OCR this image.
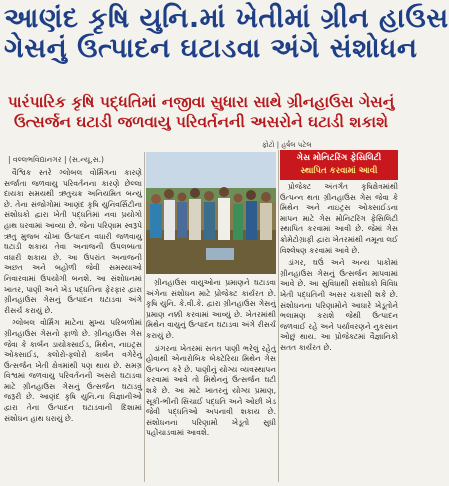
આણંદ કૃષિ યુનિ.માં ખેતીમાં ગ્રીન હાઉસ
ગેસનું ઉત્પાદન ઘટાડવા અંગે સંશોધન
પારંપારિક કૃષિ પદ્ધતિમાં નજીવા સુધારા સાથે ગ્રીનહાઉસ ગેસનું
ઉત્સર્જન ઘટાડી જળવાયુ પરિવર્તનની અસરોને ઘટાડી શકાશે
ફોટો | હર્ષલ પટેલ
| વલ્લભવિદ્યાનગર | (સ.ન્યૂ.સ.)

વૈશ્વિક સ્તરે ગ્લોબલ વોર્મિંગના કારણે સર્જાતા જળવાયુ પરિવર્તનના કારણે છેલ્લા દાયકા સમયથી ઋતુચક્ર અનિયમિત બન્યું છે. તેના સંજોગોમાં આણંદ કૃષિ યુનિવર્સિટીના સંશોધકો દ્વારા ખેતી પદ્ધતિમાં નવા પ્રયોગો હાથ ધરવામાં આવ્યા છે. જેના પરિણામ સ્વરૂપે ઋતુ મુજબ ચોખા ઉત્પાદન વધારી જળવાયુ ઘટાડી શકાય તેવા અનાજની ઉપલબ્ધતા વધારી શકાય છે. આ ઉપરાંત અનાજની અછત અને બહોળી જેવી સમસ્યાઓ નિવારવામાં ઉપયોગી બનશે. આ સંશોધનમાં ખાતર, પાણી અને ખેડ પદ્ધતિના ફેરફાર દ્વારા ગ્રીનહાઉસ ગેસનું ઉત્પાદન ઘટાડવા અંગે રીસર્ચ કરાયું છે.

ગ્લોબલ વોર્મિંગ માટેના મુખ્ય પરિબળોમાં ગ્રીનહાઉસ ગેસનો ફાળો છે. ગ્રીનહાઉસ ગેસ જેવા કે કાર્બન ડાયોક્સાઈડ, મિથેન, નાઇટ્રસ ઓક્સાઈડ, ક્લોરો-ફ્લોરો કાર્બન વગેરેનું ઉત્સર્જન ખેતી ક્ષેત્રમાંથી પણ થાય છે. સમગ્ર વિશ્વમાં જળવાયુ પરિવર્તનની અસરો ઘટાડવા માટે ગ્રીનહાઉસ ગેસનું ઉત્સર્જન ઘટાડવું જરૂરી છે. આણંદ કૃષિ યુનિ.ના વિજ્ઞાનીઓ દ્વારા તેના ઉત્પાદન ઘટાડવાની દિશામાં સંશોધન હાથ ધરાયું છે.

ગ્રીનહાઉસ વાયુઓના પ્રમાણને ઘટાડવા અંગેના સંશોધન માટે પ્રોજેક્ટ કાર્યરત છે. કૃષિ યુનિ. કે.વી.કે. દ્વારા ગ્રીનહાઉસ ગેસનું પ્રમાણ નક્કી કરવામાં આવ્યું છે. ખેતરમાંથી મિથેન વાયુનું ઉત્પાદન ઘટાડવા અંગે રીસર્ચ કરાયું છે.

ડાંગરના ખેતરમાં સતત પાણી ભરેલું રહેતું હોવાથી એનારોબિક બેક્ટેરિયા મિથેન ગેસ ઉત્પન્ન કરે છે. પાણીનું યોગ્ય વ્યવસ્થાપન કરવામાં આવે તો મિથેનનું ઉત્સર્જન ઘટી શકે છે. આ માટે ખાતરનું યોગ્ય પ્રમાણ, સૂકી-ભીની સિંચાઈ પદ્ધતિ અને ઓછી ખેડ જેવી પદ્ધતિઓ અપનાવી શકાય છે. સંશોધનના પરિણામો ખેડૂતો સુધી પહોંચાડવામાં આવશે.

ગેસ મોનિટરિંગ ફેસિલિટી
સ્થાપિત કરવામાં આવી

પ્રોજેક્ટ અંતર્ગત કૃષિક્ષેત્રમાંથી ઉત્પન્ન થતા ગ્રીનહાઉસ ગેસ જેવા કે મિથેન અને નાઇટ્રસ ઓક્સાઈડના માપન માટે ગેસ મોનિટરિંગ ફેસિલિટી સ્થાપિત કરવામાં આવી છે. જેમાં ગેસ ક્રોમેટોગ્રાફી દ્વારા ખેતરમાંથી નમૂના લઈ વિશ્લેષણ કરવામાં આવે છે.

ડાંગર, ઘઉં અને અન્ય પાકોમાં ગ્રીનહાઉસ ગેસનું ઉત્સર્જન માપવામાં આવે છે. આ સુવિધાથી સંશોધકો વિવિધ ખેતી પદ્ધતિની અસર ચકાસી શકે છે. સંશોધનના પરિણામોને આધારે ખેડૂતોને ભલામણ કરાશે જેથી ઉત્પાદન જળવાઈ રહે અને પર્યાવરણને નુકસાન ઓછું થાય. આ પ્રોજેક્ટમાં વૈજ્ઞાનિકો સતત કાર્યરત છે.
